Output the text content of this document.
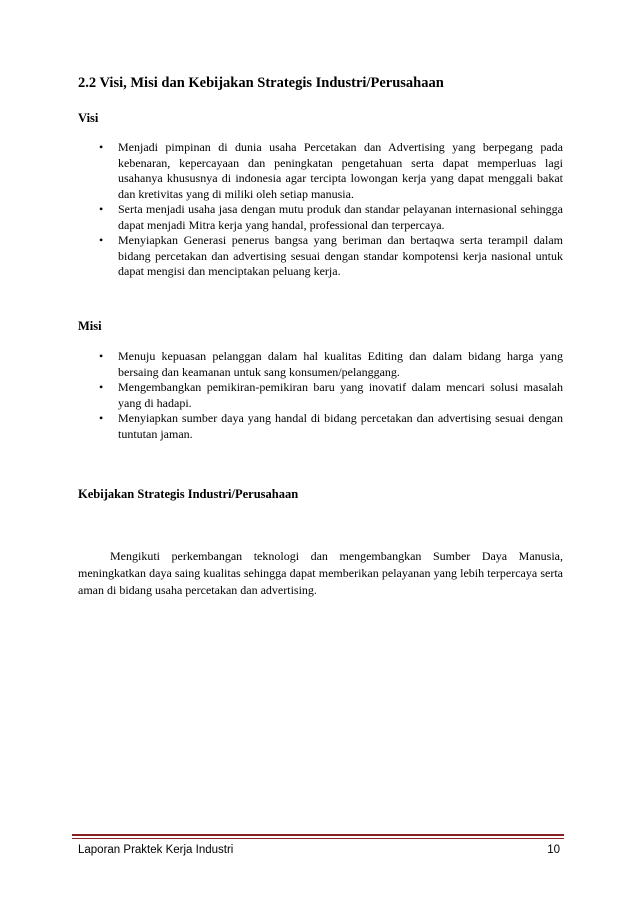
2.2 Visi, Misi dan Kebijakan Strategis Industri/Perusahaan
Visi
• Menjadi pimpinan di dunia usaha Percetakan dan Advertising yang berpegang pada kebenaran, kepercayaan dan peningkatan pengetahuan serta dapat memperluas lagi usahanya khususnya di indonesia agar tercipta lowongan kerja yang dapat menggali bakat dan kretivitas yang di miliki oleh setiap manusia.
• Serta menjadi usaha jasa dengan mutu produk dan standar pelayanan internasional sehingga dapat menjadi Mitra kerja yang handal, professional dan terpercaya.
• Menyiapkan Generasi penerus bangsa yang beriman dan bertaqwa serta terampil dalam bidang percetakan dan advertising sesuai dengan standar kompotensi kerja nasional untuk dapat mengisi dan menciptakan peluang kerja.
Misi
• Menuju kepuasan pelanggan dalam hal kualitas Editing dan dalam bidang harga yang bersaing dan keamanan untuk sang konsumen/pelanggang.
• Mengembangkan pemikiran-pemikiran baru yang inovatif dalam mencari solusi masalah yang di hadapi.
• Menyiapkan sumber daya yang handal di bidang percetakan dan advertising sesuai dengan tuntutan jaman.
Kebijakan Strategis Industri/Perusahaan

Mengikuti perkembangan teknologi dan mengembangkan Sumber Daya Manusia, meningkatkan daya saing kualitas sehingga dapat memberikan pelayanan yang lebih terpercaya serta aman di bidang usaha percetakan dan advertising.

Laporan Praktek Kerja Industri	10
